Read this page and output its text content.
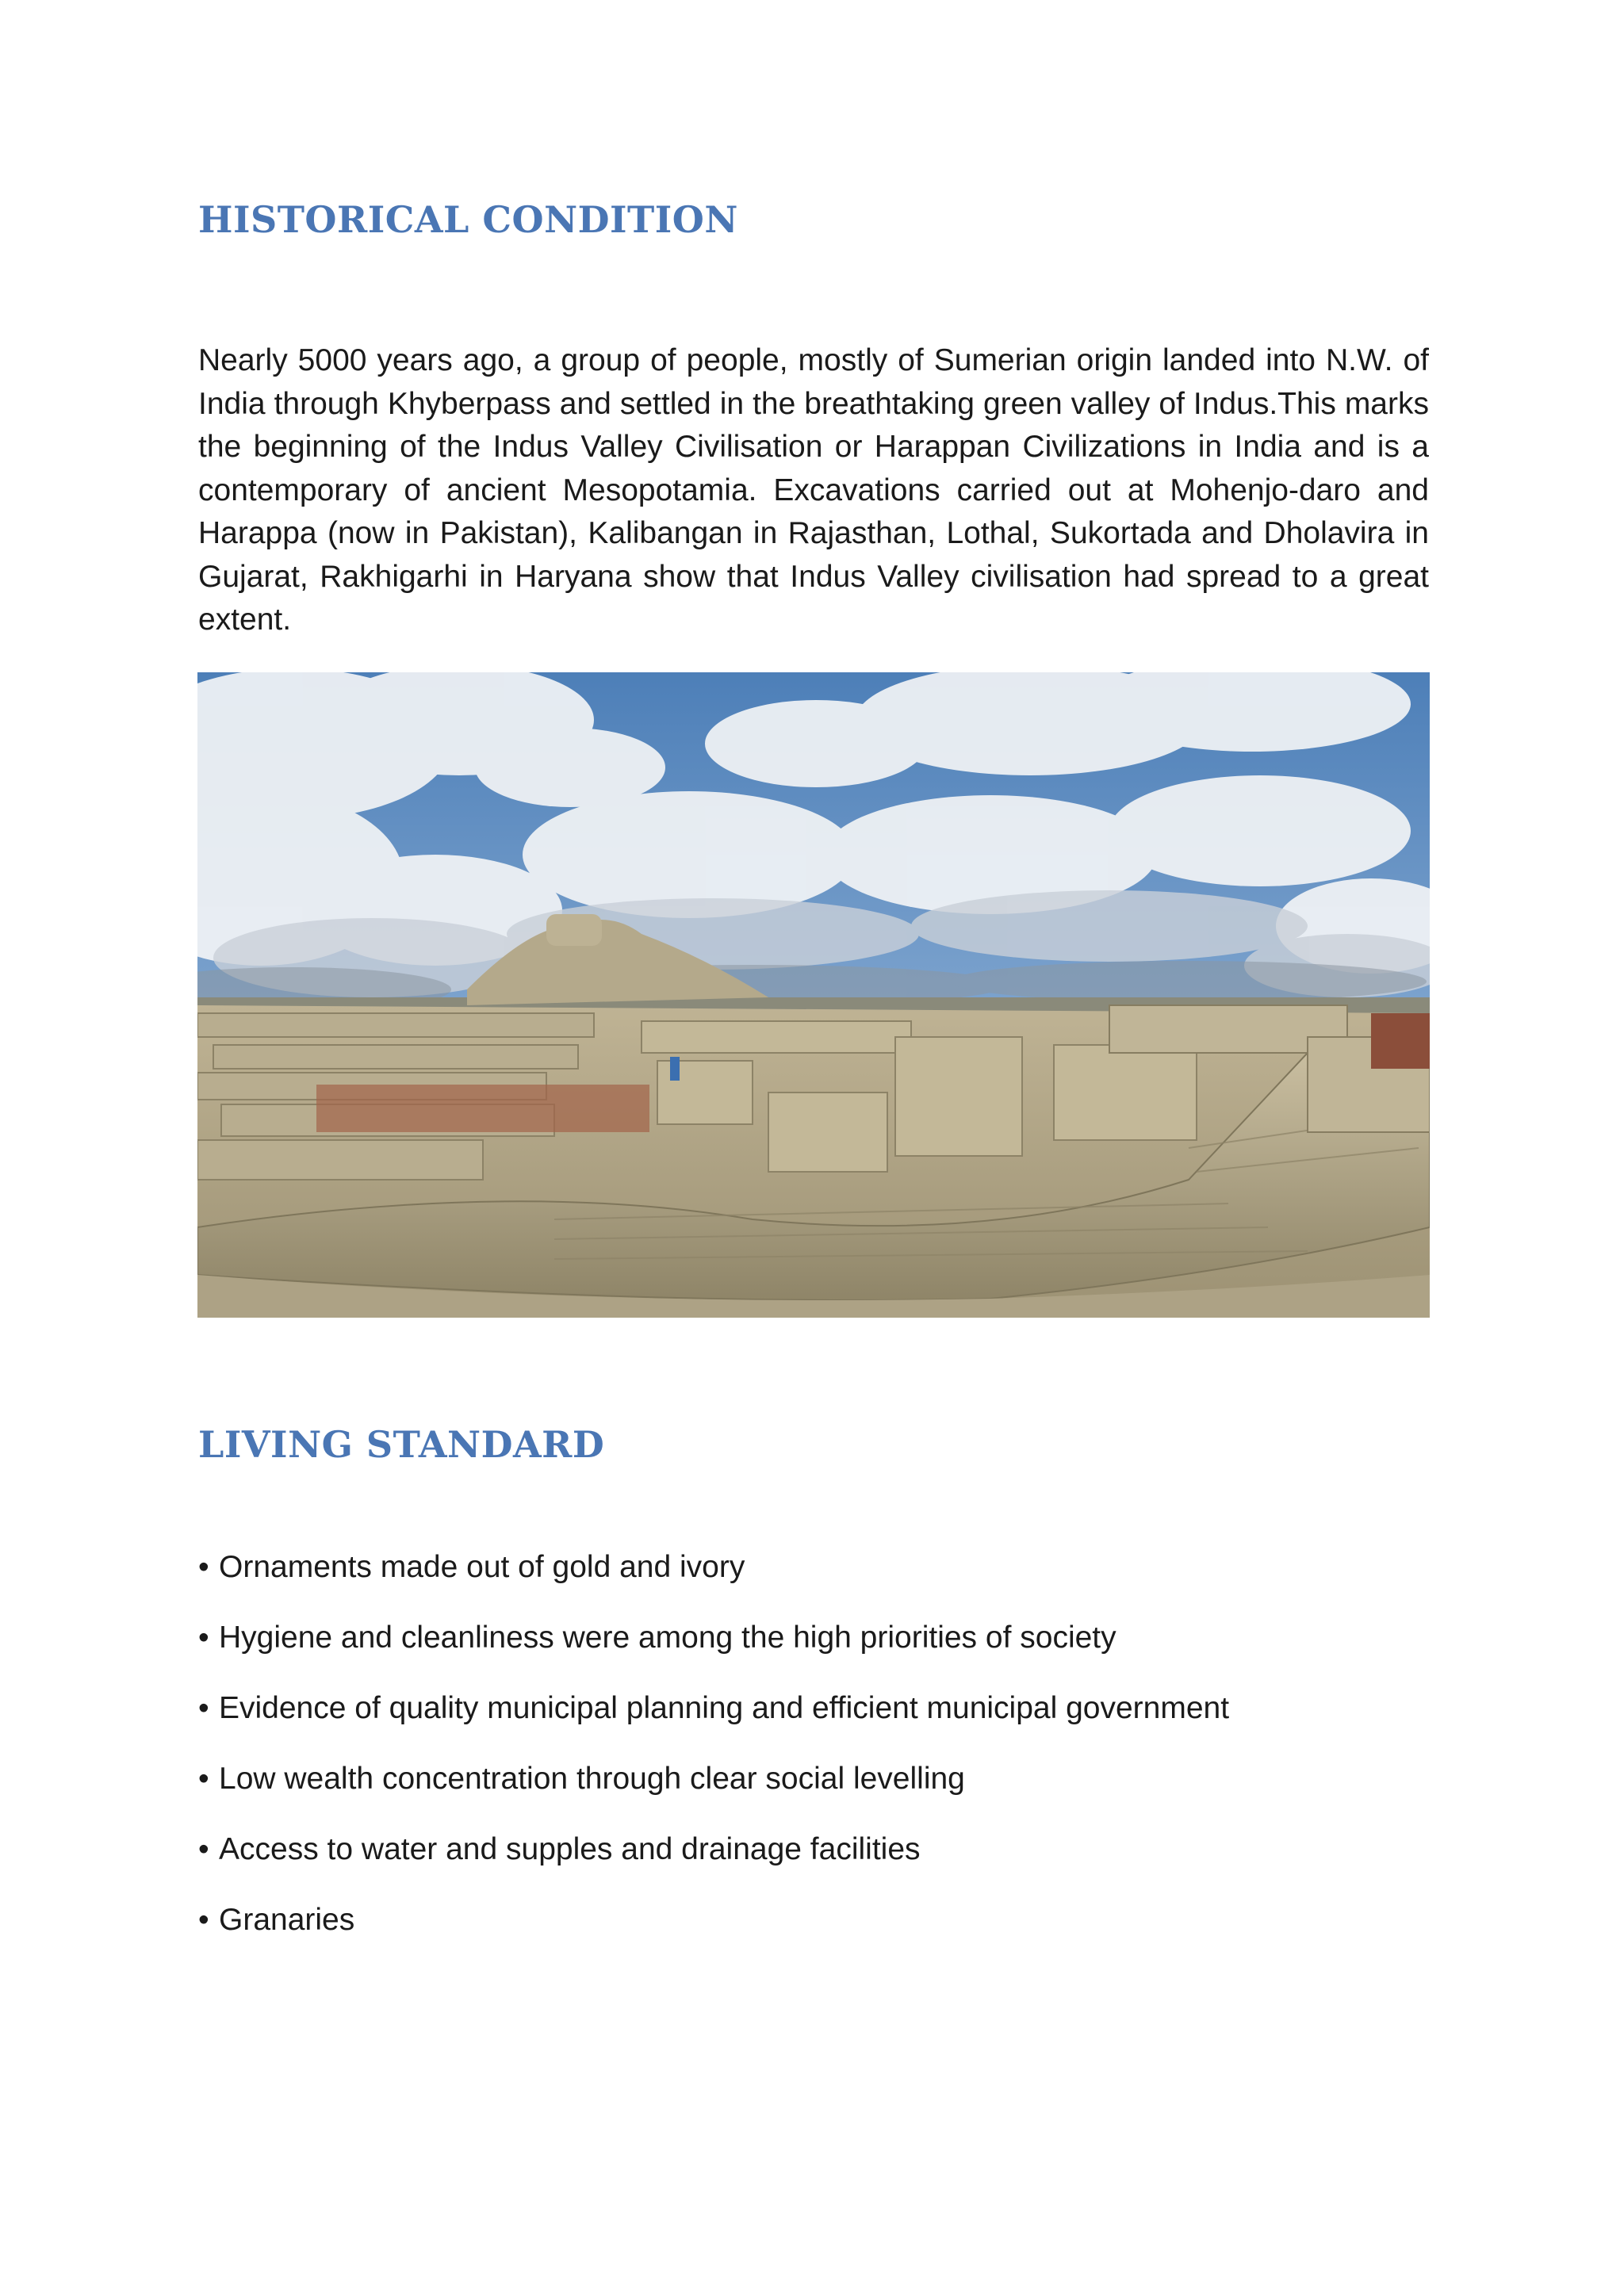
HISTORICAL CONDITION

Nearly 5000 years ago, a group of people, mostly of Sumerian origin landed into N.W. of India through Khyberpass and settled in the breathtaking green valley of Indus.This marks the beginning of the Indus Valley Civilisation or Harappan Civilizations in India and is a contemporary of ancient Mesopotamia. Excavations carried out at Mohenjo-daro and Harappa (now in Pakistan), Kalibangan in Rajasthan, Lothal, Sukortada and Dholavira in Gujarat, Rakhigarhi in Haryana show that Indus Valley civilisation had spread to a great extent.

LIVING STANDARD
• Ornaments made out of gold and ivory
• Hygiene and cleanliness were among the high priorities of society
• Evidence of quality municipal planning and efficient municipal government
• Low wealth concentration through clear social levelling
• Access to water and supples and drainage facilities
• Granaries
